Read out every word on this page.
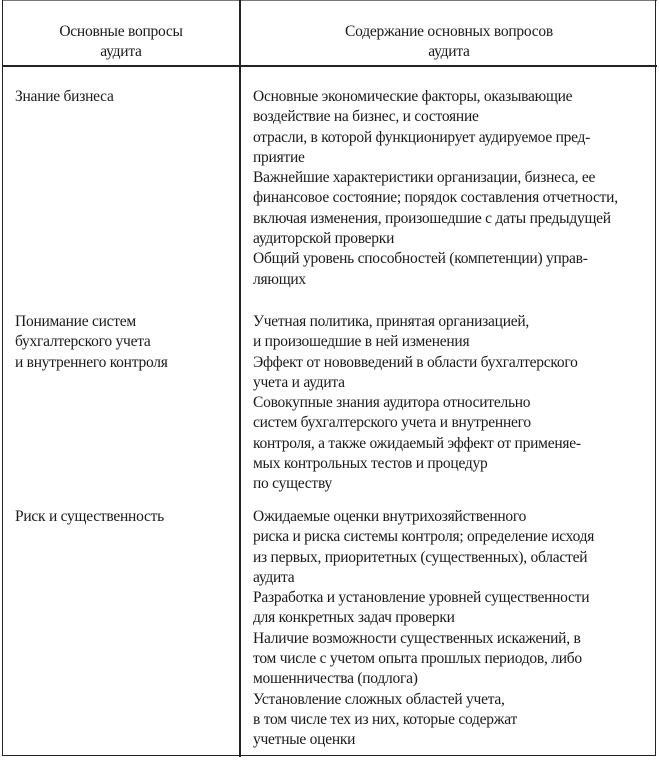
Основные вопросы
аудита
Содержание основных вопросов
аудита
Знание бизнеса	Основные экономические факторы, оказывающие
воздействие на бизнес, и состояние
отрасли, в которой функционирует аудируемое пред-
приятие
Важнейшие характеристики организации, бизнеса, ее
финансовое состояние; порядок составления отчетности,
включая изменения, произошедшие с даты предыдущей
аудиторской проверки
Общий уровень способностей (компетенции) управ-
ляющих
Понимание систем
бухгалтерского учета
и внутреннего контроля
Учетная политика, принятая организацией,
и произошедшие в ней изменения
Эффект от нововведений в области бухгалтерского
учета и аудита
Совокупные знания аудитора относительно
систем бухгалтерского учета и внутреннего
контроля, а также ожидаемый эффект от применяе-
мых контрольных тестов и процедур
по существу
Риск и существенность	Ожидаемые оценки внутрихозяйственного
риска и риска системы контроля; определение исходя
из первых, приоритетных (существенных), областей
аудита
Разработка и установление уровней существенности
для конкретных задач проверки
Наличие возможности существенных искажений, в
том числе с учетом опыта прошлых периодов, либо
мошенничества (подлога)
Установление сложных областей учета,
в том числе тех из них, которые содержат
учетные оценки
